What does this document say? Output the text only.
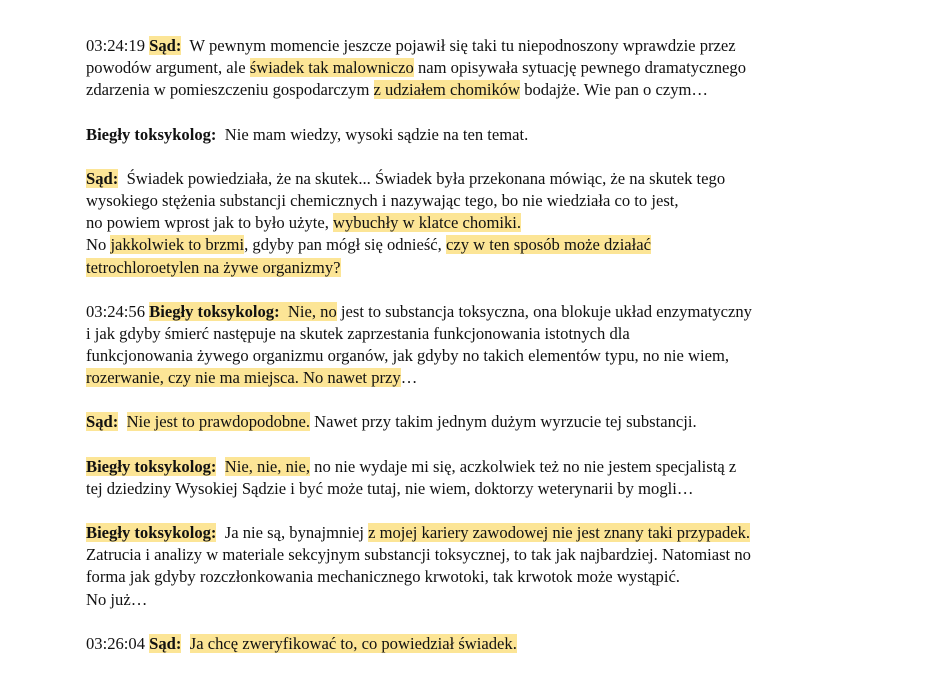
03:24:19 Sąd:  W pewnym momencie jeszcze pojawił się taki tu niepodnoszony wprawdzie przez
powodów argument, ale świadek tak malowniczo nam opisywała sytuację pewnego dramatycznego
zdarzenia w pomieszczeniu gospodarczym z udziałem chomików bodajże. Wie pan o czym…
Biegły toksykolog:  Nie mam wiedzy, wysoki sądzie na ten temat.
Sąd:  Świadek powiedziała, że na skutek... Świadek była przekonana mówiąc, że na skutek tego
wysokiego stężenia substancji chemicznych i nazywając tego, bo nie wiedziała co to jest,
no powiem wprost jak to było użyte, wybuchły w klatce chomiki.
No jakkolwiek to brzmi, gdyby pan mógł się odnieść, czy w ten sposób może działać
tetrochloroetylen na żywe organizmy?
03:24:56 Biegły toksykolog:  Nie, no jest to substancja toksyczna, ona blokuje układ enzymatyczny
i jak gdyby śmierć następuje na skutek zaprzestania funkcjonowania istotnych dla
funkcjonowania żywego organizmu organów, jak gdyby no takich elementów typu, no nie wiem,
rozerwanie, czy nie ma miejsca. No nawet przy…
Sąd: Nie jest to prawdopodobne. Nawet przy takim jednym dużym wyrzucie tej substancji.
Biegły toksykolog: Nie, nie, nie, no nie wydaje mi się, aczkolwiek też no nie jestem specjalistą z
tej dziedziny Wysokiej Sądzie i być może tutaj, nie wiem, doktorzy weterynarii by mogli…
Biegły toksykolog:  Ja nie są, bynajmniej z mojej kariery zawodowej nie jest znany taki przypadek.
Zatrucia i analizy w materiale sekcyjnym substancji toksycznej, to tak jak najbardziej. Natomiast no
forma jak gdyby rozczłonkowania mechanicznego krwotoki, tak krwotok może wystąpić.
No już…
03:26:04 Sąd: Ja chcę zweryfikować to, co powiedział świadek.
